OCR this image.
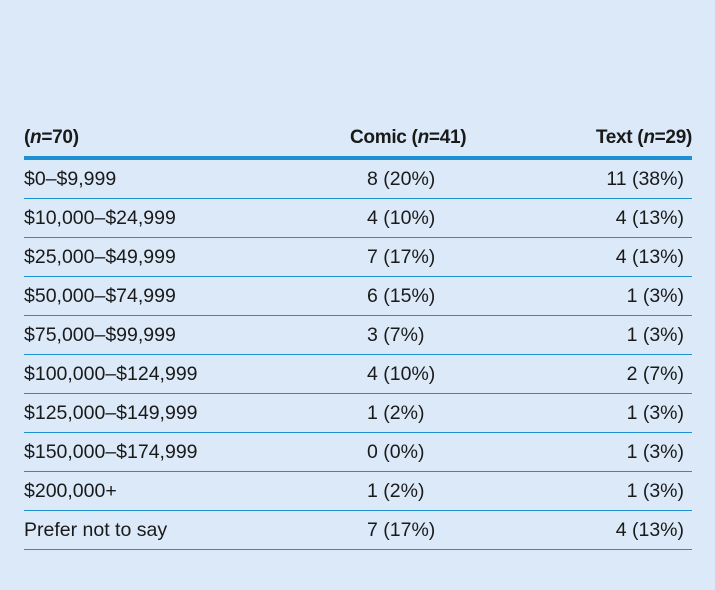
(n=70)	Comic (n=41)	Text (n=29)
$0–$9,999	8 (20%)	11 (38%)
$10,000–$24,999	4 (10%)	4 (13%)
$25,000–$49,999	7 (17%)	4 (13%)
$50,000–$74,999	6 (15%)	1 (3%)
$75,000–$99,999	3 (7%)	1 (3%)
$100,000–$124,999	4 (10%)	2 (7%)
$125,000–$149,999	1 (2%)	1 (3%)
$150,000–$174,999	0 (0%)	1 (3%)
$200,000+	1 (2%)	1 (3%)
Prefer not to say	7 (17%)	4 (13%)
